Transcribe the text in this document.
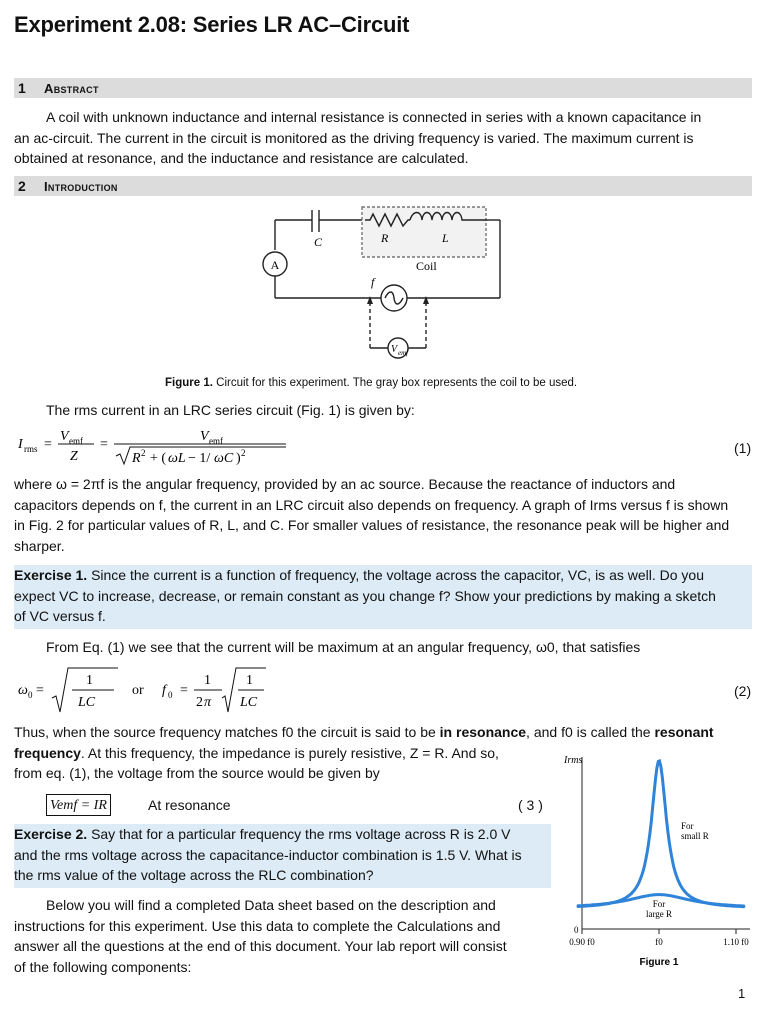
Experiment 2.08: Series LR AC–Circuit
1 Abstract
A coil with unknown inductance and internal resistance is connected in series with a known capacitance in
an ac-circuit. The current in the circuit is monitored as the driving frequency is varied. The maximum current is
obtained at resonance, and the inductance and resistance are calculated.
2 Introduction
A
C	R	L
Coil
f
V emf
Figure 1. Circuit for this experiment. The gray box represents the coil to be used.
The rms current in an LRC series circuit (Fig. 1) is given by:
I rms =
V emf
Z
=
V emf
R 2 + ( ωL − 1/ ωC ) 2	(1)
where ω = 2πf is the angular frequency, provided by an ac source. Because the reactance of inductors and
capacitors depends on f, the current in an LRC circuit also depends on frequency. A graph of Irms versus f is shown
in Fig. 2 for particular values of R, L, and C. For smaller values of resistance, the resonance peak will be higher and
sharper.
Exercise 1. Since the current is a function of frequency, the voltage across the capacitor, VC, is as well. Do you
expect VC to increase, decrease, or remain constant as you change f? Show your predictions by making a sketch
of VC versus f.
From Eq. (1) we see that the current will be maximum at an angular frequency, ω0, that satisfies
ω 0 =
1
LC
or f 0 =
1
2 π
1
LC
(2)
Thus, when the source frequency matches f0 the circuit is said to be in resonance, and f0 is called the resonant
frequency. At this frequency, the impedance is purely resistive, Z = R. And so,
from eq. (1), the voltage from the source would be given by
Vemf = IR	At resonance	( 3 )
Exercise 2. Say that for a particular frequency the rms voltage across R is 2.0 V
and the rms voltage across the capacitance-inductor combination is 1.5 V. What is
the rms value of the voltage across the RLC combination?
Below you will find a completed Data sheet based on the description and
instructions for this experiment. Use this data to complete the Calculations and
answer all the questions at the end of this document. Your lab report will consist
of the following components:
Irms
0
0.90 f0	f0	1.10 f0
For
small R
For
large R
Figure 1
1
